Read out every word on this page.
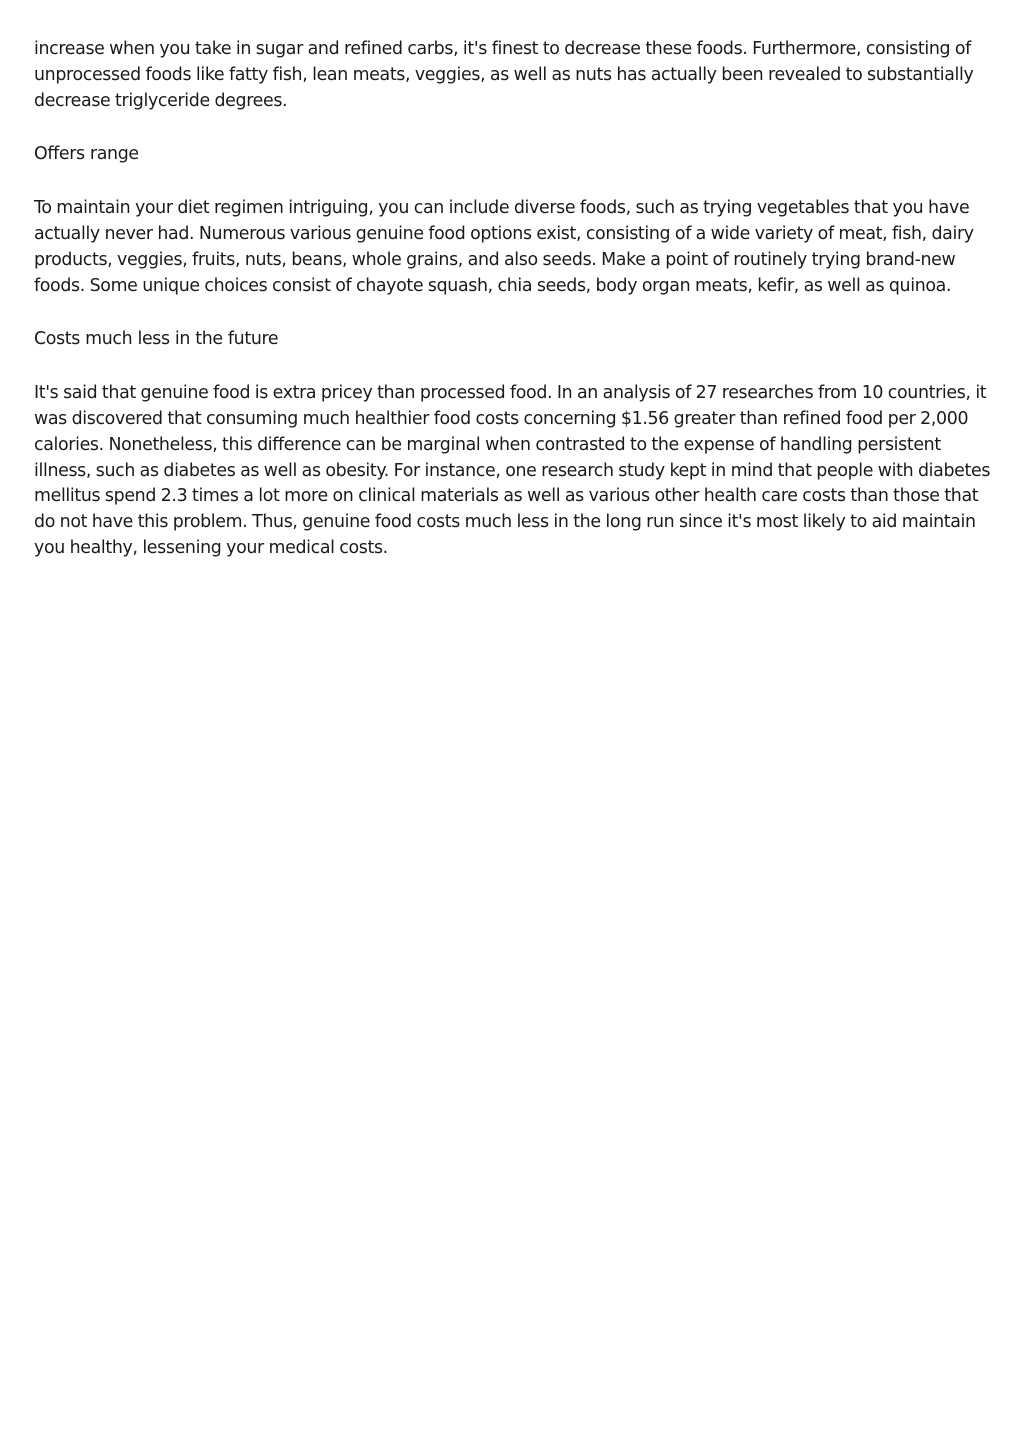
increase when you take in sugar and refined carbs, it's finest to decrease these foods. Furthermore, consisting of unprocessed foods like fatty fish, lean meats, veggies, as well as nuts has actually been revealed to substantially decrease triglyceride degrees.

Offers range

To maintain your diet regimen intriguing, you can include diverse foods, such as trying vegetables that you have actually never had. Numerous various genuine food options exist, consisting of a wide variety of meat, fish, dairy products, veggies, fruits, nuts, beans, whole grains, and also seeds. Make a point of routinely trying brand-new foods. Some unique choices consist of chayote squash, chia seeds, body organ meats, kefir, as well as quinoa.

Costs much less in the future

It's said that genuine food is extra pricey than processed food. In an analysis of 27 researches from 10 countries, it was discovered that consuming much healthier food costs concerning $1.56 greater than refined food per 2,000 calories. Nonetheless, this difference can be marginal when contrasted to the expense of handling persistent illness, such as diabetes as well as obesity. For instance, one research study kept in mind that people with diabetes mellitus spend 2.3 times a lot more on clinical materials as well as various other health care costs than those that do not have this problem. Thus, genuine food costs much less in the long run since it's most likely to aid maintain you healthy, lessening your medical costs.
